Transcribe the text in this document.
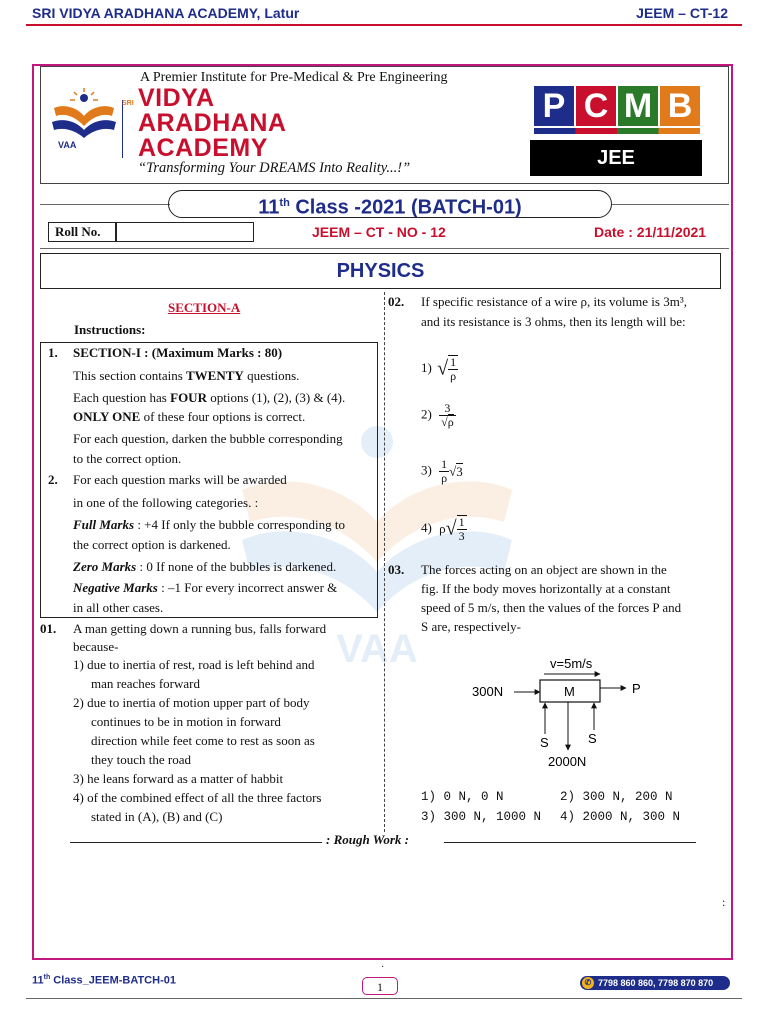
SRI VIDYA ARADHANA ACADEMY, Latur	JEEM – CT-12
A Premier Institute for Pre-Medical & Pre Engineering
VAA
SRI VIDYA
ARADHANA
ACADEMY
“Transforming Your DREAMS Into Reality...!”
P C M B
JEE
11th Class -2021 (BATCH-01)
Roll No.	JEEM – CT - NO - 12	Date : 21/11/2021
PHYSICS
VAA
SECTION-A
Instructions:
1. SECTION-I : (Maximum Marks : 80)
This section contains TWENTY questions.
Each question has FOUR options (1), (2), (3) & (4).
ONLY ONE of these four options is correct.
For each question, darken the bubble corresponding
to the correct option.
2. For each question marks will be awarded
in one of the following categories. :
Full Marks : +4 If only the bubble corresponding to
the correct option is darkened.
Zero Marks : 0 If none of the bubbles is darkened.
Negative Marks : –1 For every incorrect answer &
in all other cases.
01. A man getting down a running bus, falls forward
because-
1) due to inertia of rest, road is left behind and
man reaches forward
2) due to inertia of motion upper part of body
continues to be in motion in forward
direction while feet come to rest as soon as
they touch the road
3) he leans forward as a matter of habbit
4) of the combined effect of all the three factors
stated in (A), (B) and (C)
02. If specific resistance of a wire ρ, its volume is 3m³,
and its resistance is 3 ohms, then its length will be:
1) √ $\frac{1}{\rho}$
$2) \frac{3}{√\rho}$
$3) \frac{1}{\rho} √3$
4) $\rho√ \frac{1}{3}$
03. The forces acting on an object are shown in the
fig. If the body moves horizontally at a constant
speed of 5 m/s, then the values of the forces P and
S are, respectively-
v=5m/s
300N	M	P
S	S
2000N
1) 0 N, 0 N	2) 300 N, 200 N
3) 300 N, 1000 N 4) 2000 N, 300 N
: Rough Work :
:
·
11th Class_JEEM-BATCH-01	1	✆ 7798 860 860, 7798 870 870
